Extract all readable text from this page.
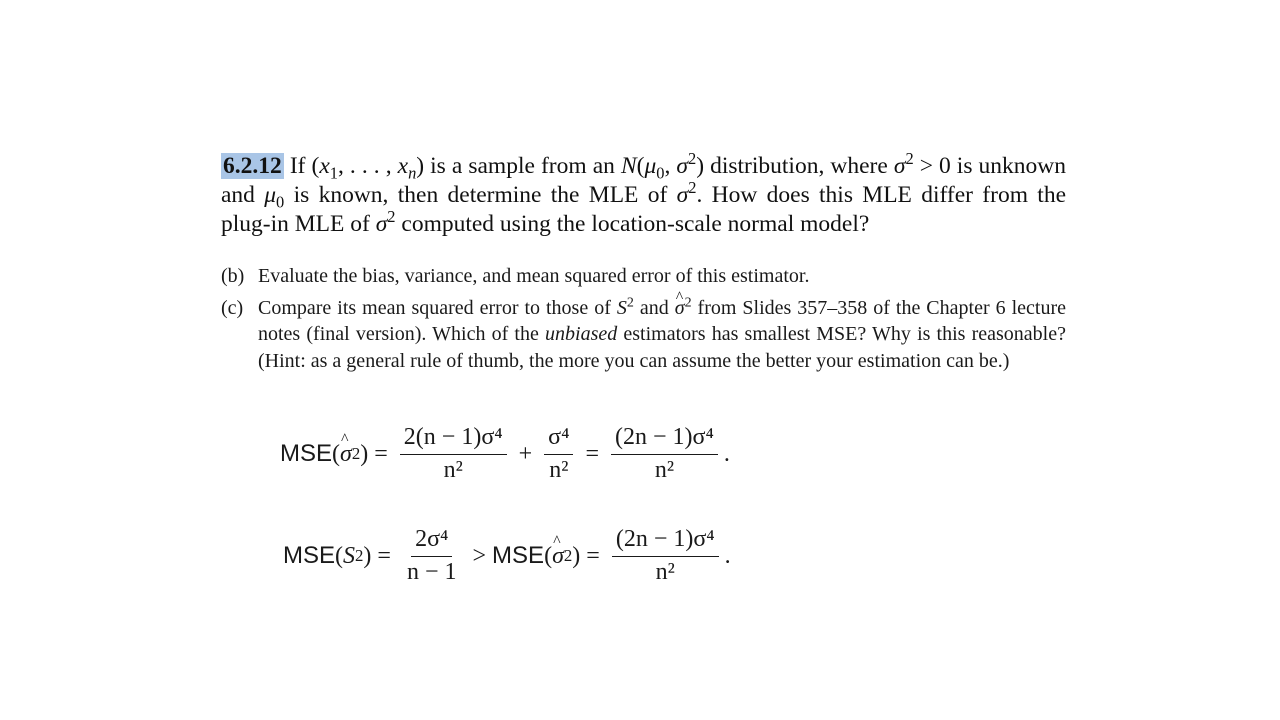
6.2.12 If ($x_1$, . . . , $x_n$) is a sample from an $N(\mu_0$, $\sigma^2$) distribution, where $\sigma^2 > 0$ is unknown and $\mu_0$ is known, then determine the MLE of $\sigma^2$. How does this MLE differ from the plug-in MLE of $\sigma^2$ computed using the location-scale normal model?
(b) Evaluate the bias, variance, and mean squared error of this estimator.
(c) Compare its mean squared error to those of $S^2$ and ^ $\sigma^2$ from Slides 357–358 of the Chapter 6 lecture notes (final version). Which of the unbiased estimators has smallest MSE? Why is this reasonable? (Hint: as a general rule of thumb, the more you can assume the better your estimation can be.)
MSE ( ^ σ 2 ) = $\frac{\text{2(n − 1)σ⁴}}{\text{n²}} + \frac{\text{σ⁴}}{\text{n²}} = \frac{\text{(2n − 1)σ⁴}}{\text{n²}}$ .
MSE ( S 2 ) = $\frac{\text{2σ⁴}}{n - 1}$ > MSE ( ^ σ 2 ) = $\frac{\text{(2n − 1)σ⁴}}{\text{n²}}$ .
